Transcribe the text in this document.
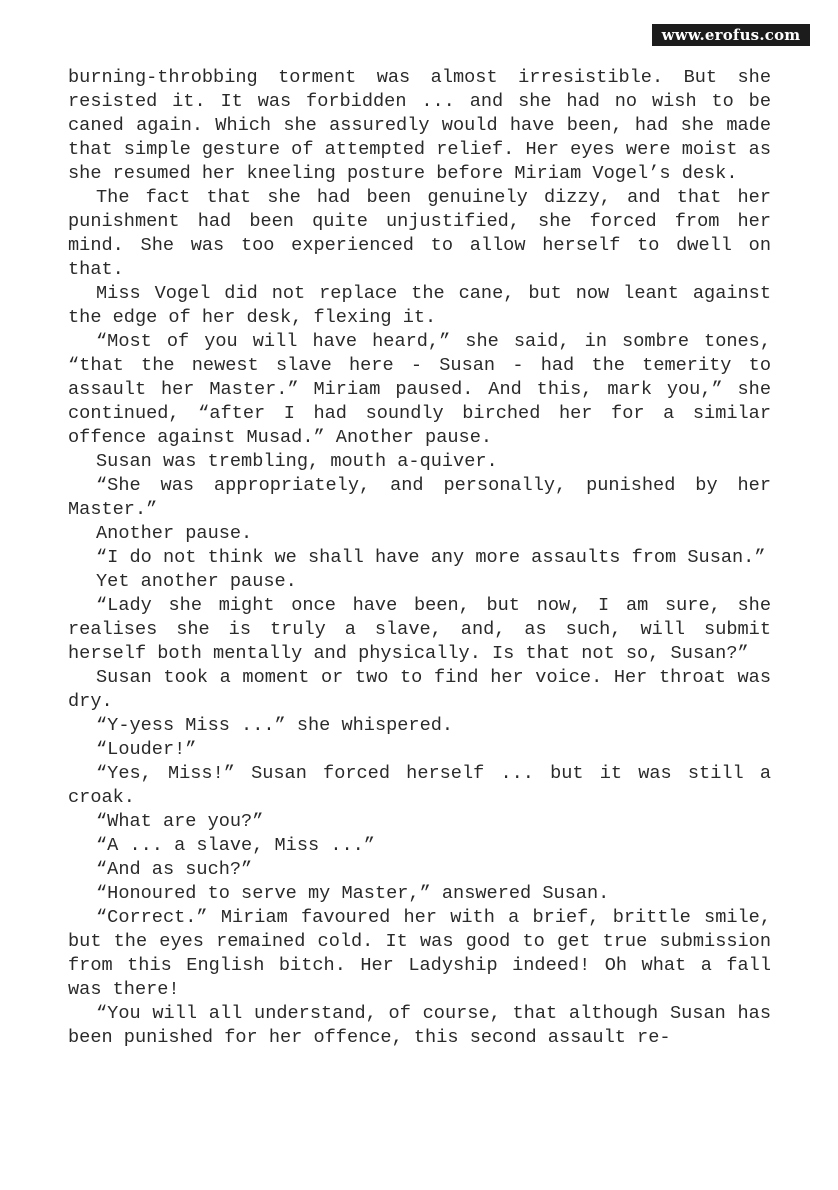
www.erofus.com

burning-throbbing torment was almost irresistible. But she resisted it. It was forbidden ... and she had no wish to be caned again. Which she assuredly would have been, had she made that simple gesture of attempted relief. Her eyes were moist as she resumed her kneeling posture before Miriam Vogel’s desk.

The fact that she had been genuinely dizzy, and that her punishment had been quite unjustified, she forced from her mind. She was too experienced to allow herself to dwell on that.

Miss Vogel did not replace the cane, but now leant against the edge of her desk, flexing it.

“Most of you will have heard,” she said, in sombre tones, “that the newest slave here - Susan - had the temerity to assault her Master.” Miriam paused. And this, mark you,” she continued, “after I had soundly birched her for a similar offence against Musad.” Another pause.

Susan was trembling, mouth a-quiver.

“She was appropriately, and personally, punished by her Master.”

Another pause.

“I do not think we shall have any more assaults from Susan.”

Yet another pause.

“Lady she might once have been, but now, I am sure, she realises she is truly a slave, and, as such, will submit herself both mentally and physically. Is that not so, Susan?”

Susan took a moment or two to find her voice. Her throat was dry.

“Y-yess Miss ...” she whispered.

“Louder!”

“Yes, Miss!” Susan forced herself ... but it was still a croak.

“What are you?”

“A ... a slave, Miss ...”

“And as such?”

“Honoured to serve my Master,” answered Susan.

“Correct.” Miriam favoured her with a brief, brittle smile, but the eyes remained cold. It was good to get true submission from this English bitch. Her Ladyship indeed! Oh what a fall was there!

“You will all understand, of course, that although Susan has been punished for her offence, this second assault re-
